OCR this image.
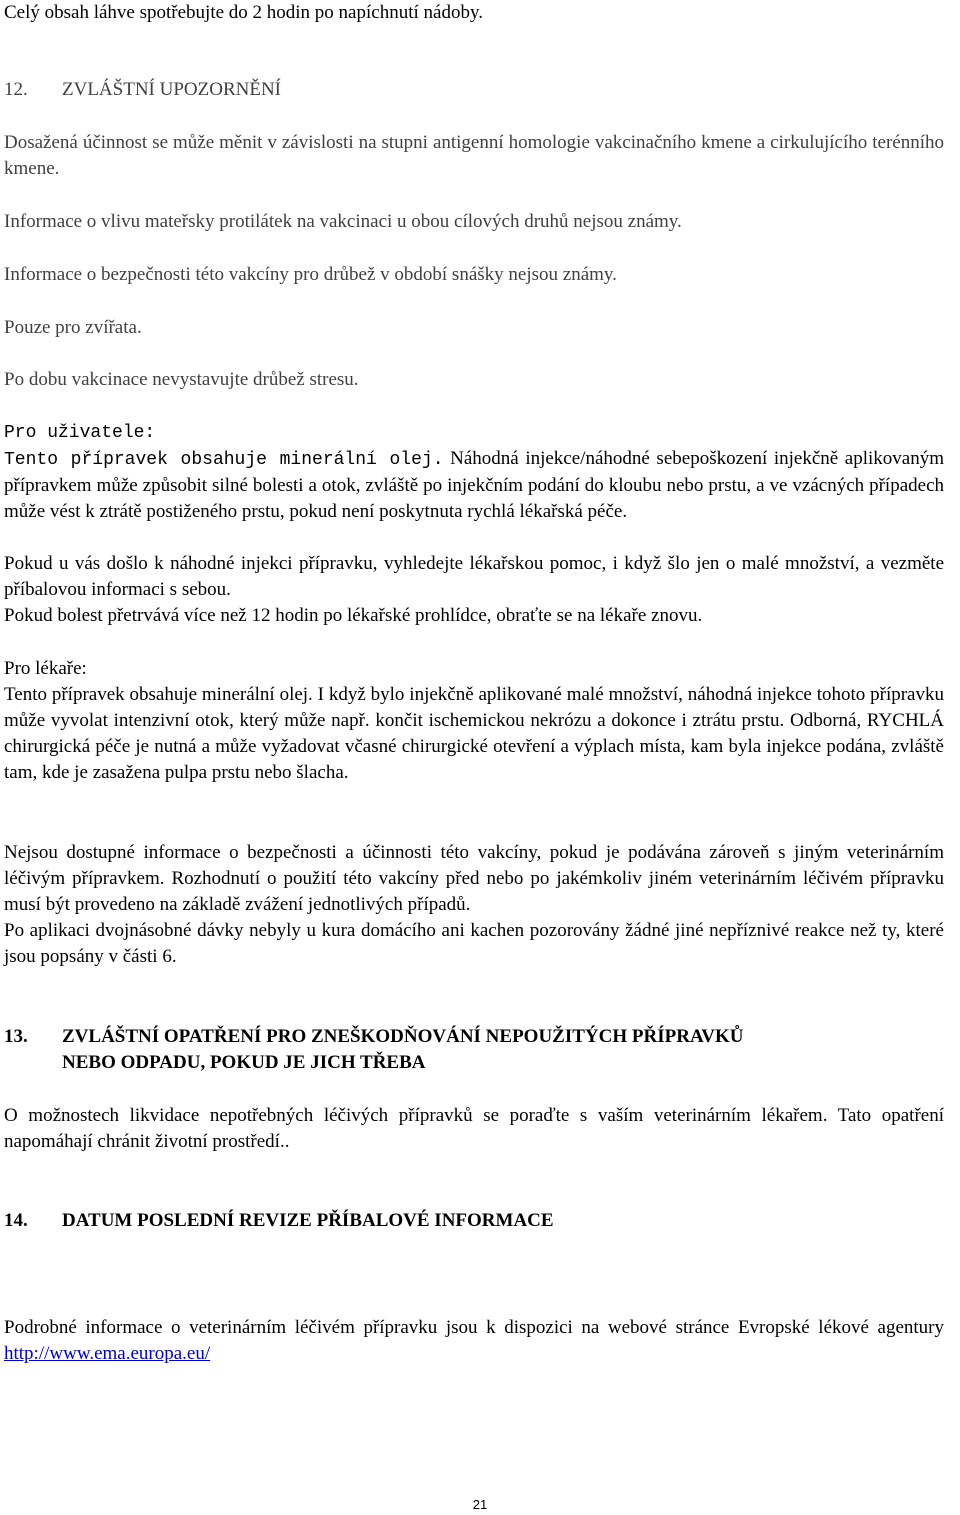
Celý obsah láhve spotřebujte do 2 hodin po napíchnutí nádoby.

12. ZVLÁŠTNÍ UPOZORNĚNÍ

Dosažená účinnost se může měnit v závislosti na stupni antigenní homologie vakcinačního kmene a cirkulujícího terénního kmene.

Informace o vlivu mateřsky protilátek na vakcinaci u obou cílových druhů nejsou známy.

Informace o bezpečnosti této vakcíny pro drůbež v období snášky nejsou známy.

Pouze pro zvířata.

Po dobu vakcinace nevystavujte drůbež stresu.

Pro uživatele:

Tento přípravek obsahuje minerální olej. Náhodná injekce/náhodné sebepoškození injekčně aplikovaným přípravkem může způsobit silné bolesti a otok, zvláště po injekčním podání do kloubu nebo prstu, a ve vzácných případech může vést k ztrátě postiženého prstu, pokud není poskytnuta rychlá lékařská péče.

Pokud u vás došlo k náhodné injekci přípravku, vyhledejte lékařskou pomoc, i když šlo jen o malé množství, a vezměte příbalovou informaci s sebou.

Pokud bolest přetrvává více než 12 hodin po lékařské prohlídce, obraťte se na lékaře znovu.

Pro lékaře:

Tento přípravek obsahuje minerální olej. I když bylo injekčně aplikované malé množství, náhodná injekce tohoto přípravku může vyvolat intenzivní otok, který může např. končit ischemickou nekrózu a dokonce i ztrátu prstu. Odborná, RYCHLÁ chirurgická péče je nutná a může vyžadovat včasné chirurgické otevření a výplach místa, kam byla injekce podána, zvláště tam, kde je zasažena pulpa prstu nebo šlacha.

Nejsou dostupné informace o bezpečnosti a účinnosti této vakcíny, pokud je podávána zároveň s jiným veterinárním léčivým přípravkem. Rozhodnutí o použití této vakcíny před nebo po jakémkoliv jiném veterinárním léčivém přípravku musí být provedeno na základě zvážení jednotlivých případů.

Po aplikaci dvojnásobné dávky nebyly u kura domácího ani kachen pozorovány žádné jiné nepříznivé reakce než ty, které jsou popsány v části 6.

13. ZVLÁŠTNÍ OPATŘENÍ PRO ZNEŠKODŇOVÁNÍ NEPOUŽITÝCH PŘÍPRAVKŮ
NEBO ODPADU, POKUD JE JICH TŘEBA

O možnostech likvidace nepotřebných léčivých přípravků se poraďte s vaším veterinárním lékařem. Tato opatření napomáhají chránit životní prostředí..

14. DATUM POSLEDNÍ REVIZE PŘÍBALOVÉ INFORMACE

Podrobné informace o veterinárním léčivém přípravku jsou k dispozici na webové stránce Evropské lékové agentury http://www.ema.europa.eu/

21
